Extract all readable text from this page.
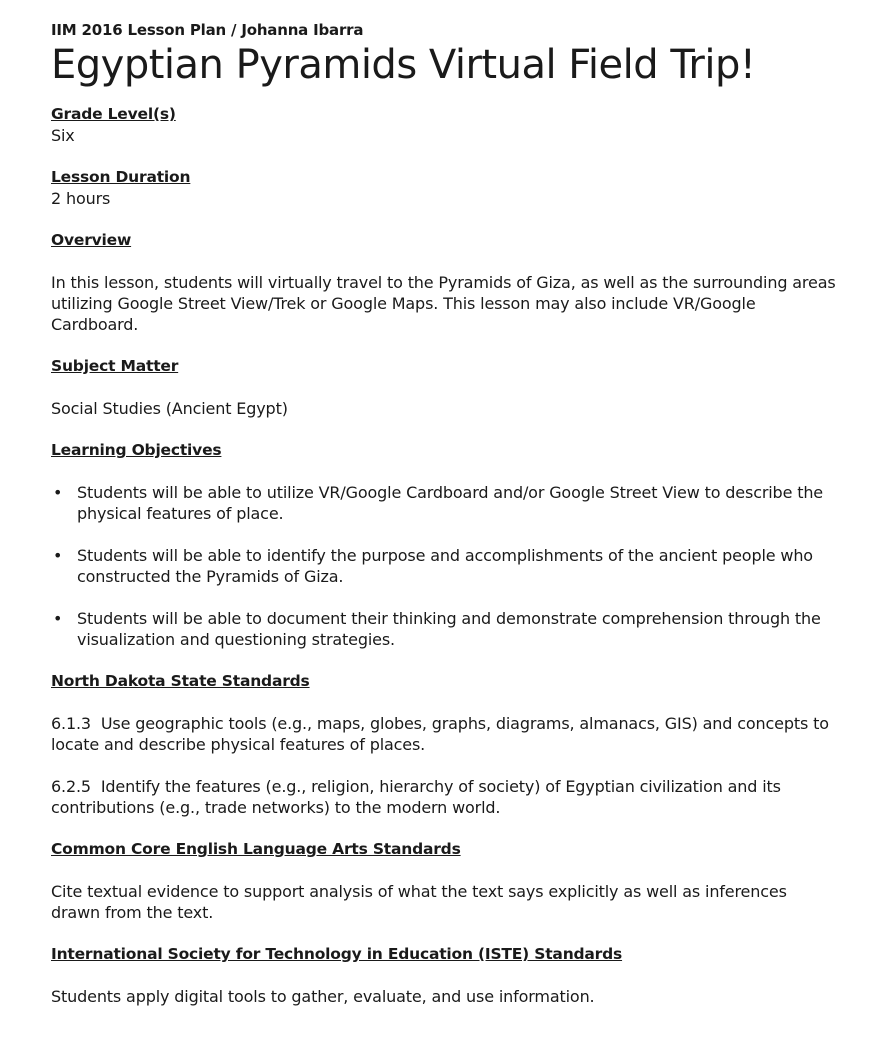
IIM 2016 Lesson Plan / Johanna Ibarra
Egyptian Pyramids Virtual Field Trip!
Grade Level(s)

Six

Lesson Duration

2 hours

Overview

In this lesson, students will virtually travel to the Pyramids of Giza, as well as the surrounding areas utilizing Google Street View/Trek or Google Maps. This lesson may also include VR/Google Cardboard.

Subject Matter

Social Studies (Ancient Egypt)

Learning Objectives
• Students will be able to utilize VR/Google Cardboard and/or Google Street View to describe the physical features of place.
• Students will be able to identify the purpose and accomplishments of the ancient people who constructed the Pyramids of Giza.
• Students will be able to document their thinking and demonstrate comprehension through the visualization and questioning strategies.
North Dakota State Standards

6.1.3  Use geographic tools (e.g., maps, globes, graphs, diagrams, almanacs, GIS) and concepts to locate and describe physical features of places.

6.2.5  Identify the features (e.g., religion, hierarchy of society) of Egyptian civilization and its contributions (e.g., trade networks) to the modern world.

Common Core English Language Arts Standards

Cite textual evidence to support analysis of what the text says explicitly as well as inferences drawn from the text.

International Society for Technology in Education (ISTE) Standards

Students apply digital tools to gather, evaluate, and use information.
